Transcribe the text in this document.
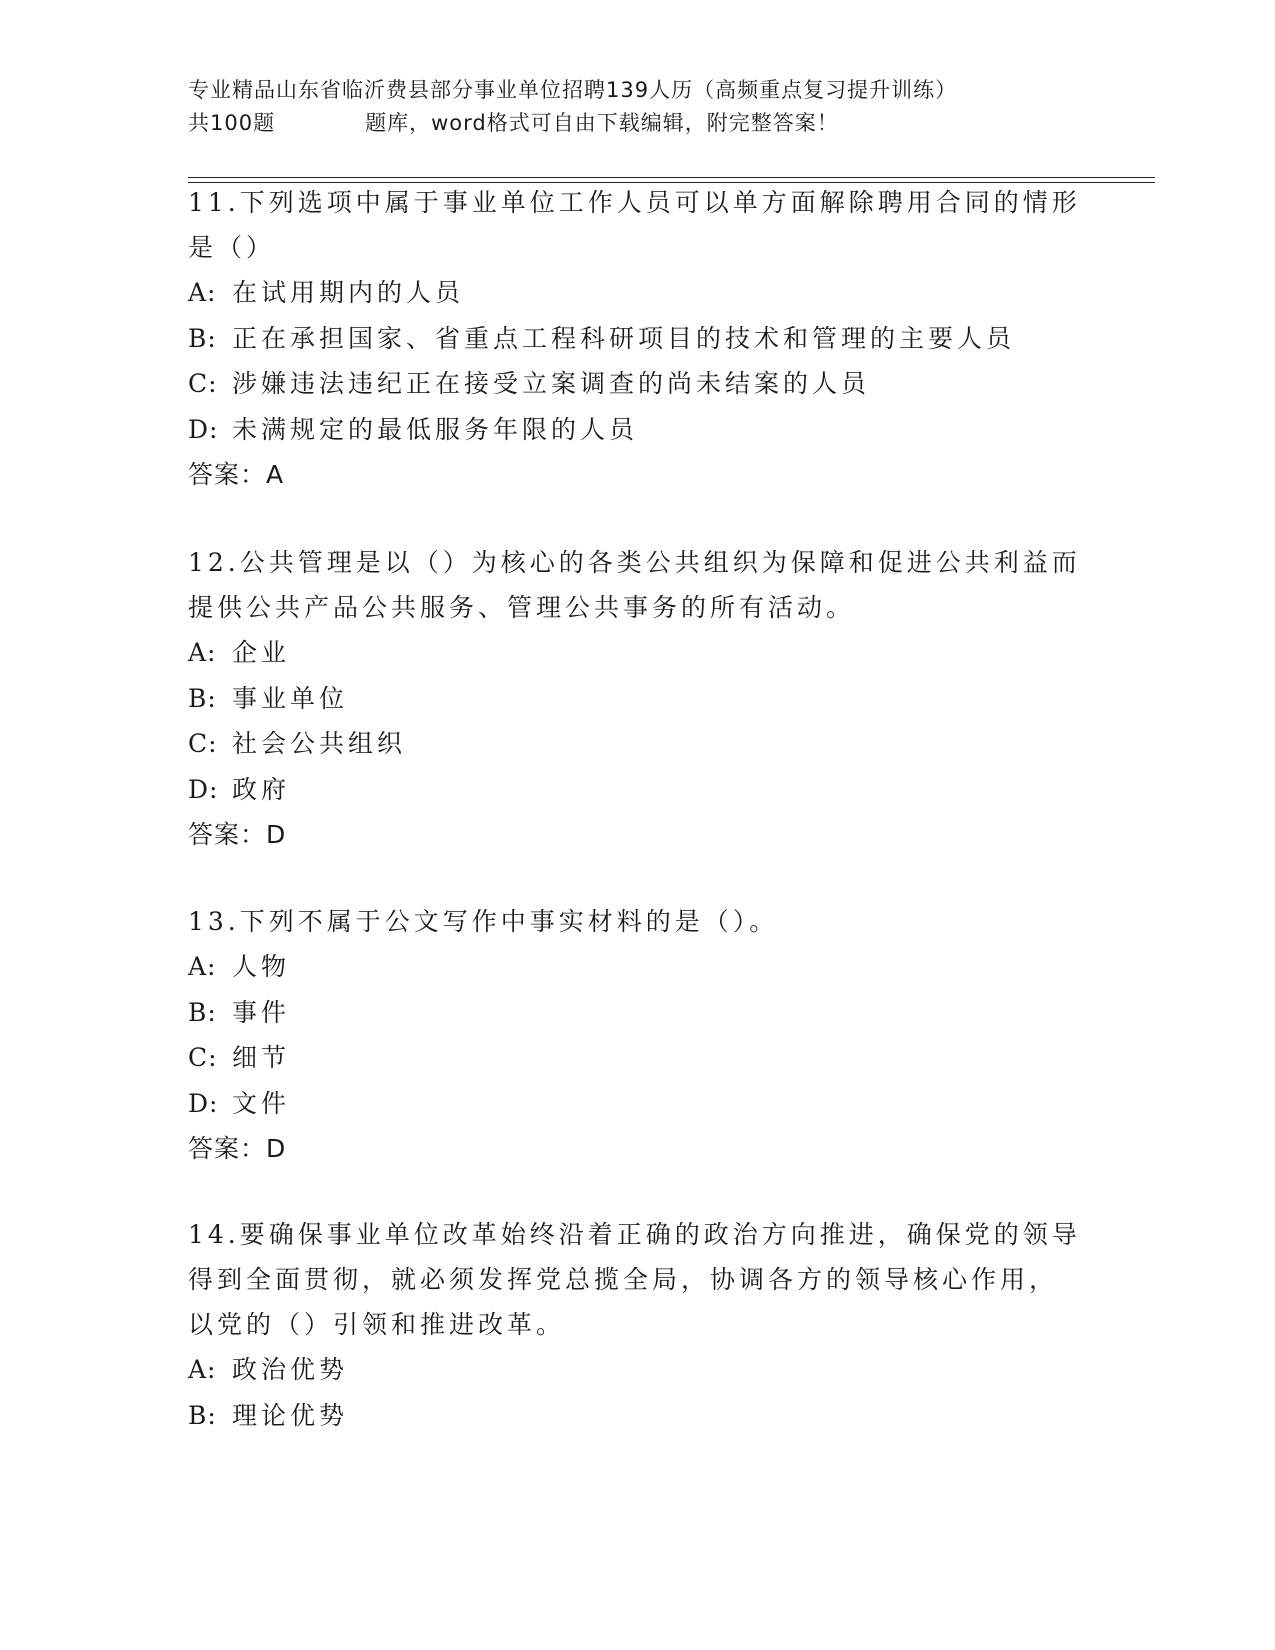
专业精品山东省临沂费县部分事业单位招聘139人历（高频重点复习提升训练）
共100题	题库，word格式可自由下载编辑，附完整答案！

11.下列选项中属于事业单位工作人员可以单方面解除聘用合同的情形

是（）

A: 在试用期内的人员

B: 正在承担国家、省重点工程科研项目的技术和管理的主要人员

C: 涉嫌违法违纪正在接受立案调查的尚未结案的人员

D: 未满规定的最低服务年限的人员

答案：A

12.公共管理是以（）为核心的各类公共组织为保障和促进公共利益而

提供公共产品公共服务、管理公共事务的所有活动。

A: 企业

B: 事业单位

C: 社会公共组织

D: 政府

答案：D

13.下列不属于公文写作中事实材料的是（）。

A: 人物

B: 事件

C: 细节

D: 文件

答案：D

14.要确保事业单位改革始终沿着正确的政治方向推进，确保党的领导

得到全面贯彻，就必须发挥党总揽全局，协调各方的领导核心作用，

以党的（）引领和推进改革。

A: 政治优势

B: 理论优势
